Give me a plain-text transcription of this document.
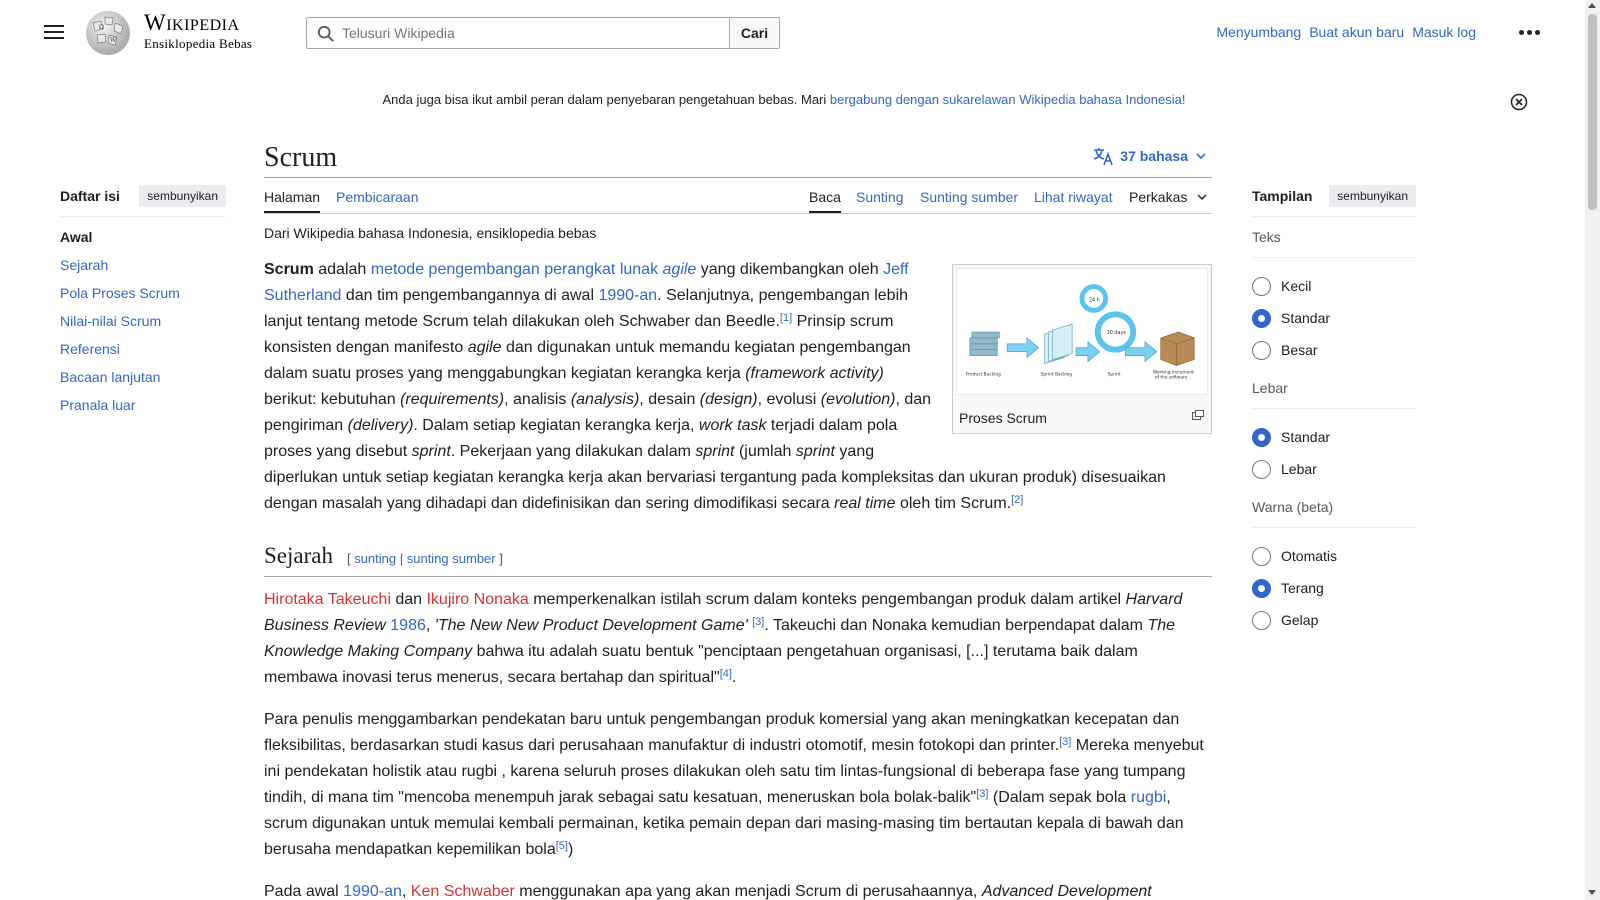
Ω
W
Wikipedia
Ensiklopedia Bebas
Telusuri Wikipedia
Cari	Menyumbang Buat akun baru Masuk log
Anda juga bisa ikut ambil peran dalam penyebaran pengetahuan bebas. Mari bergabung dengan sukarelawan Wikipedia bahasa Indonesia!
Daftar isi	sembunyikan
Awal
Sejarah
Pola Proses Scrum
Nilai-nilai Scrum
Referensi
Bacaan lanjutan
Pranala luar
Scrum	37 bahasa
Halaman Pembicaraan	Baca Sunting Sunting sumber Lihat riwayat Perkakas
Dari Wikipedia bahasa Indonesia, ensiklopedia bebas
24 h
30 days
Product Backlog	Sprint Backlog	Sprint	Working increment
of the software
Proses Scrum

Scrum adalah metode pengembangan perangkat lunak agile yang dikembangkan oleh Jeff Sutherland dan tim pengembangannya di awal 1990-an. Selanjutnya, pengembangan lebih lanjut tentang metode Scrum telah dilakukan oleh Schwaber dan Beedle.[1] Prinsip scrum konsisten dengan manifesto agile dan digunakan untuk memandu kegiatan pengembangan dalam suatu proses yang menggabungkan kegiatan kerangka kerja (framework activity) berikut: kebutuhan (requirements), analisis (analysis), desain (design), evolusi (evolution), dan pengiriman (delivery). Dalam setiap kegiatan kerangka kerja, work task terjadi dalam pola proses yang disebut sprint. Pekerjaan yang dilakukan dalam sprint (jumlah sprint yang diperlukan untuk setiap kegiatan kerangka kerja akan bervariasi tergantung pada kompleksitas dan ukuran produk) disesuaikan dengan masalah yang dihadapi dan didefinisikan dan sering dimodifikasi secara real time oleh tim Scrum.[2]

Sejarah [ sunting | sunting sumber ]

Hirotaka Takeuchi dan Ikujiro Nonaka memperkenalkan istilah scrum dalam konteks pengembangan produk dalam artikel Harvard Business Review 1986, 'The New New Product Development Game' [3]. Takeuchi dan Nonaka kemudian berpendapat dalam The Knowledge Making Company bahwa itu adalah suatu bentuk "penciptaan pengetahuan organisasi, [...] terutama baik dalam membawa inovasi terus menerus, secara bertahap dan spiritual"[4].

Para penulis menggambarkan pendekatan baru untuk pengembangan produk komersial yang akan meningkatkan kecepatan dan fleksibilitas, berdasarkan studi kasus dari perusahaan manufaktur di industri otomotif, mesin fotokopi dan printer.[3] Mereka menyebut ini pendekatan holistik atau rugbi , karena seluruh proses dilakukan oleh satu tim lintas-fungsional di beberapa fase yang tumpang tindih, di mana tim "mencoba menempuh jarak sebagai satu kesatuan, meneruskan bola bolak-balik"[3] (Dalam sepak bola rugbi, scrum digunakan untuk memulai kembali permainan, ketika pemain depan dari masing-masing tim bertautan kepala di bawah dan berusaha mendapatkan kepemilikan bola[5])

Pada awal 1990-an, Ken Schwaber menggunakan apa yang akan menjadi Scrum di perusahaannya, Advanced Development

Tampilan	sembunyikan
Teks
Kecil
Standar
Besar
Lebar
Standar
Lebar
Warna (beta)
Otomatis
Terang
Gelap
